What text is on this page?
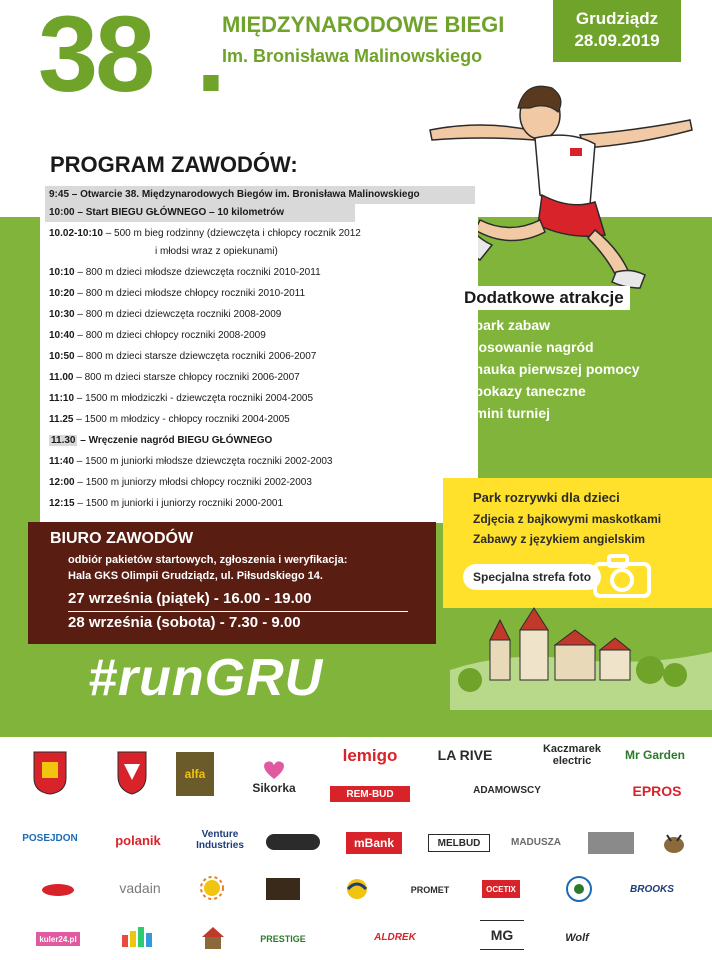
38 .
MIĘDZYNARODOWE BIEGI
Im. Bronisława Malinowskiego
Grudziądz
28.09.2019
PROGRAM ZAWODÓW:
9:45 – Otwarcie 38. Międzynarodowych Biegów im. Bronisława Malinowskiego
10:00 – Start BIEGU GŁÓWNEGO – 10 kilometrów
10.02-10:10 – 500 m bieg rodzinny (dziewczęta i chłopcy rocznik 2012
i młodsi wraz z opiekunami)
10:10 – 800 m dzieci młodsze dziewczęta roczniki 2010-2011
10:20 – 800 m dzieci młodsze chłopcy roczniki 2010-2011
10:30 – 800 m dzieci dziewczęta roczniki 2008-2009
10:40 – 800 m dzieci chłopcy roczniki 2008-2009
10:50 – 800 m dzieci starsze dziewczęta roczniki 2006-2007
11.00 – 800 m dzieci starsze chłopcy roczniki 2006-2007
11:10 – 1500 m młodziczki - dziewczęta roczniki 2004-2005
11.25 – 1500 m młodzicy - chłopcy roczniki 2004-2005
11.30 – Wręczenie nagród BIEGU GŁÓWNEGO
11:40 – 1500 m juniorki młodsze dziewczęta roczniki 2002-2003
12:00 – 1500 m juniorzy młodsi chłopcy roczniki 2002-2003
12:15 – 1500 m juniorki i juniorzy roczniki 2000-2001
Dodatkowe atrakcje
- park zabaw
- losowanie nagród
- nauka pierwszej pomocy
- pokazy taneczne
- mini turniej
Park rozrywki dla dzieci
Zdjęcia z bajkowymi maskotkami
Zabawy z językiem angielskim
Specjalna strefa foto
BIURO ZAWODÓW
odbiór pakietów startowych, zgłoszenia i weryfikacja:
Hala GKS Olimpii Grudziądz, ul. Piłsudskiego 14.
27 września (piątek) - 16.00 - 19.00
28 września (sobota) - 7.30 - 9.00
#runGRU
alfa
Sikorka
lemigo
REM-BUD
LA RIVE
ADAMOWSCY
Kaczmarek electric	Mr Garden
EPROS
POSEJDON	polanik	Venture Industries	mBank	MELBUD	MADUSZA
vadain	PROMET	OCETIX	BROOKS
kuler24.pl	PRESTIGE	ALDREK	MG	Wolf
